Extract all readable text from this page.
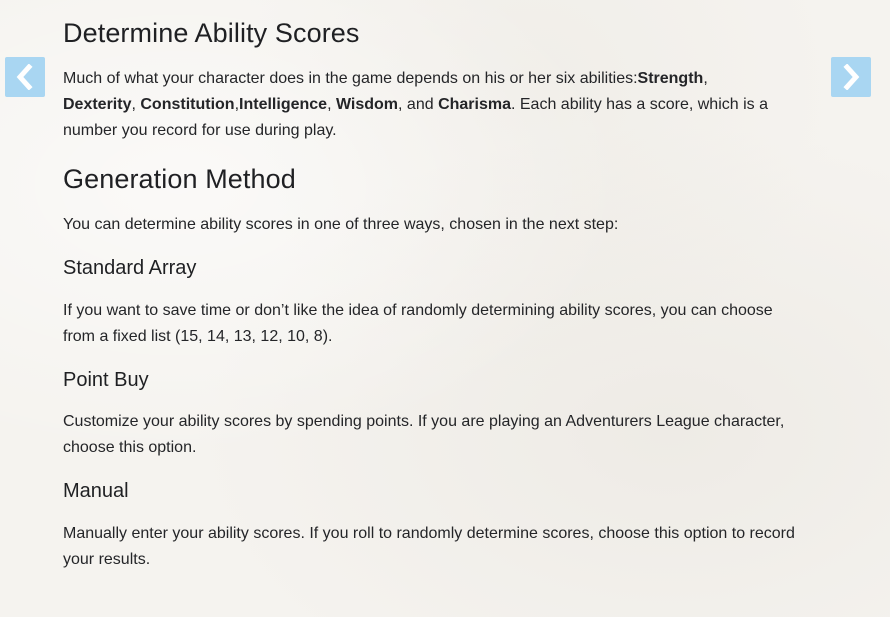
Determine Ability Scores

Much of what your character does in the game depends on his or her six abilities:Strength,
Dexterity, Constitution,Intelligence, Wisdom, and Charisma. Each ability has a score, which is a number you record for use during play.

Generation Method

You can determine ability scores in one of three ways, chosen in the next step:

Standard Array

If you want to save time or don’t like the idea of randomly determining ability scores, you can choose from a fixed list (15, 14, 13, 12, 10, 8).

Point Buy

Customize your ability scores by spending points. If you are playing an Adventurers League character, choose this option.

Manual

Manually enter your ability scores. If you roll to randomly determine scores, choose this option to record your results.
